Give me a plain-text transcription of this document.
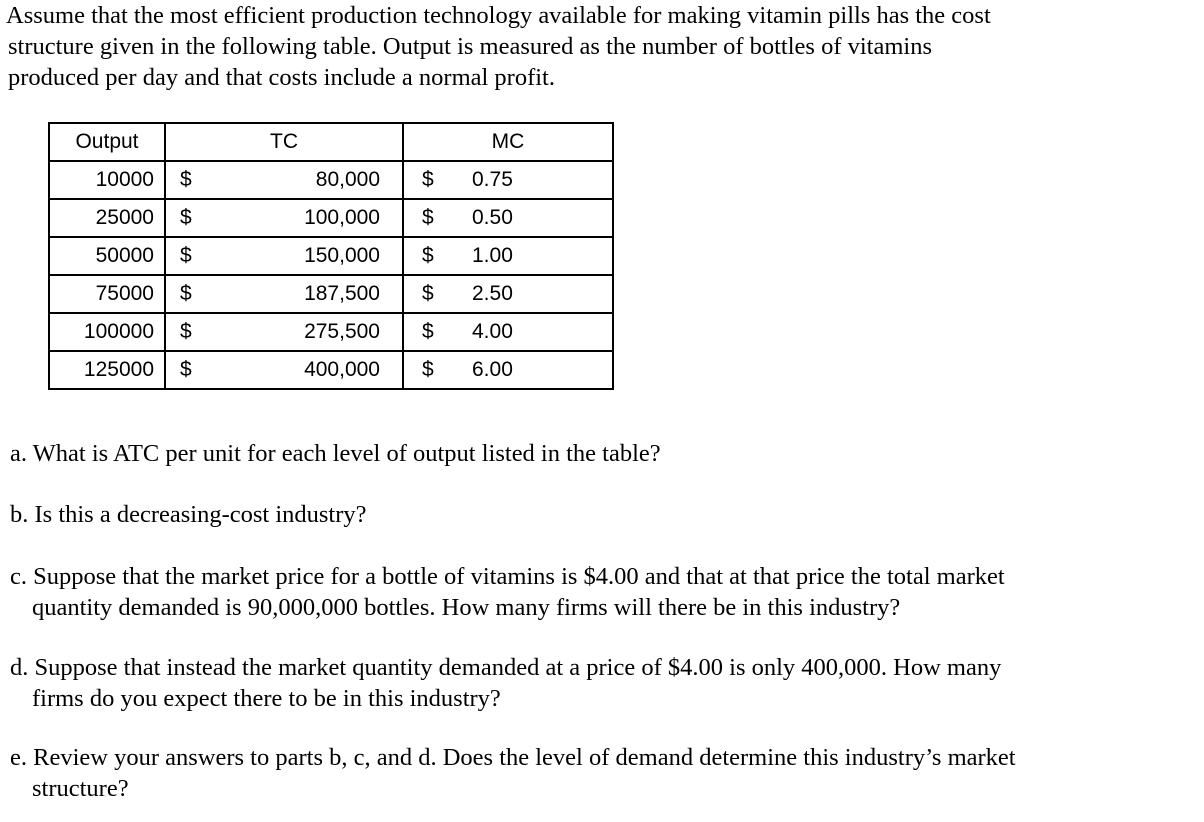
Assume that the most efficient production technology available for making vitamin pills has the cost
structure given in the following table. Output is measured as the number of bottles of vitamins
produced per day and that costs include a normal profit.
Output	TC		MC	
10000	$	80,000	$	0.75
25000	$	100,000	$	0.50
50000	$	150,000	$	1.00
75000	$	187,500	$	2.50
100000	$	275,500	$	4.00
125000	$	400,000	$	6.00
a. What is ATC per unit for each level of output listed in the table?
b. Is this a decreasing-cost industry?
c. Suppose that the market price for a bottle of vitamins is $4.00 and that at that price the total market
quantity demanded is 90,000,000 bottles. How many firms will there be in this industry?
d. Suppose that instead the market quantity demanded at a price of $4.00 is only 400,000. How many
firms do you expect there to be in this industry?
e. Review your answers to parts b, c, and d. Does the level of demand determine this industry’s market
structure?
